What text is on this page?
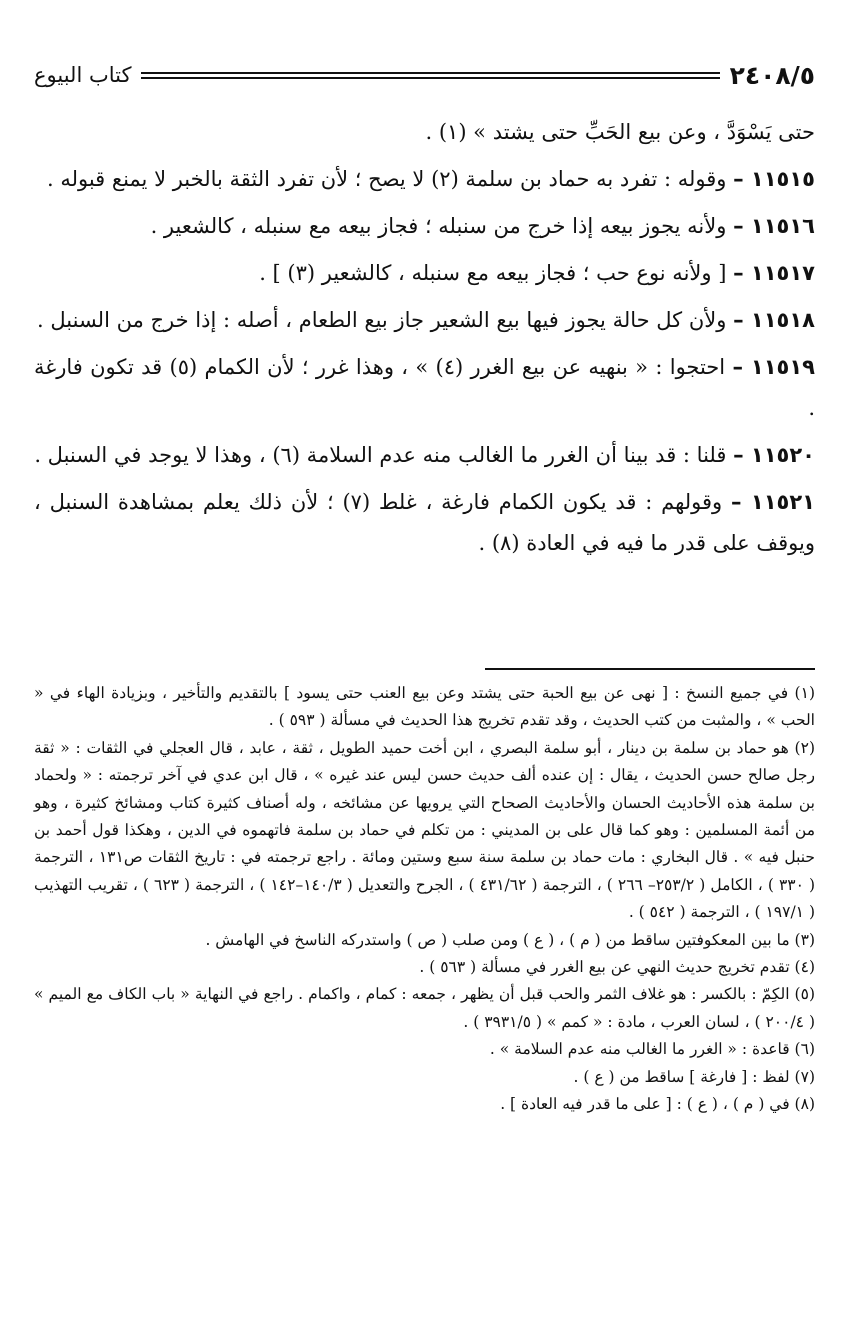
٢٤٠٨/٥
كتاب البيوع

حتى يَسْوَدَّ ، وعن بيع الحَبِّ حتى يشتد » (١) .

١١٥١٥ – وقوله : تفرد به حماد بن سلمة (٢) لا يصح ؛ لأن تفرد الثقة بالخبر لا يمنع قبوله .

١١٥١٦ – ولأنه يجوز بيعه إذا خرج من سنبله ؛ فجاز بيعه مع سنبله ، كالشعير .

١١٥١٧ – [ ولأنه نوع حب ؛ فجاز بيعه مع سنبله ، كالشعير (٣) ] .

١١٥١٨ – ولأن كل حالة يجوز فيها بيع الشعير جاز بيع الطعام ، أصله : إذا خرج من السنبل .

١١٥١٩ – احتجوا : « بنهيه عن بيع الغرر (٤) » ، وهذا غرر ؛ لأن الكمام (٥) قد تكون فارغة .

١١٥٢٠ – قلنا : قد بينا أن الغرر ما الغالب منه عدم السلامة (٦) ، وهذا لا يوجد في السنبل .

١١٥٢١ – وقولهم : قد يكون الكمام فارغة ، غلط (٧) ؛ لأن ذلك يعلم بمشاهدة السنبل ، ويوقف على قدر ما فيه في العادة (٨) .

(١) في جميع النسخ : [ نهى عن بيع الحبة حتى يشتد وعن بيع العنب حتى يسود ] بالتقديم والتأخير ، وبزيادة الهاء في « الحب » ، والمثبت من كتب الحديث ، وقد تقدم تخريج هذا الحديث في مسألة ( ٥٩٣ ) .

(٢) هو حماد بن سلمة بن دينار ، أبو سلمة البصري ، ابن أخت حميد الطويل ، ثقة ، عابد ، قال العجلي في الثقات : « ثقة رجل صالح حسن الحديث ، يقال : إن عنده ألف حديث حسن ليس عند غيره » ، قال ابن عدي في آخر ترجمته : « ولحماد بن سلمة هذه الأحاديث الحسان والأحاديث الصحاح التي يرويها عن مشائخه ، وله أصناف كثيرة كتاب ومشائخ كثيرة ، وهو من أئمة المسلمين : وهو كما قال على بن المديني : من تكلم في حماد بن سلمة فاتهموه في الدين ، وهكذا قول أحمد بن حنبل فيه » . قال البخاري : مات حماد بن سلمة سنة سبع وستين ومائة . راجع ترجمته في : تاريخ الثقات ص١٣١ ، الترجمة ( ٣٣٠ ) ، الكامل ( ٢٥٣/٢– ٢٦٦ ) ، الترجمة ( ٤٣١/٦٢ ) ، الجرح والتعديل ( ١٤٠/٣–١٤٢ ) ، الترجمة ( ٦٢٣ ) ، تقريب التهذيب ( ١٩٧/١ ) ، الترجمة ( ٥٤٢ ) .

(٣) ما بين المعكوفتين ساقط من ( م ) ، ( ع ) ومن صلب ( ص ) واستدركه الناسخ في الهامش .

(٤) تقدم تخريج حديث النهي عن بيع الغرر في مسألة ( ٥٦٣ ) .

(٥) الكِمّ : بالكسر : هو غلاف الثمر والحب قبل أن يظهر ، جمعه : كمام ، واكمام . راجع في النهاية « باب الكاف مع الميم » ( ٢٠٠/٤ ) ، لسان العرب ، مادة : « كمم » ( ٣٩٣١/٥ ) .

(٦) قاعدة : « الغرر ما الغالب منه عدم السلامة » .

(٧) لفظ : [ فارغة ] ساقط من ( ع ) .

(٨) في ( م ) ، ( ع ) : [ على ما قدر فيه العادة ] .
